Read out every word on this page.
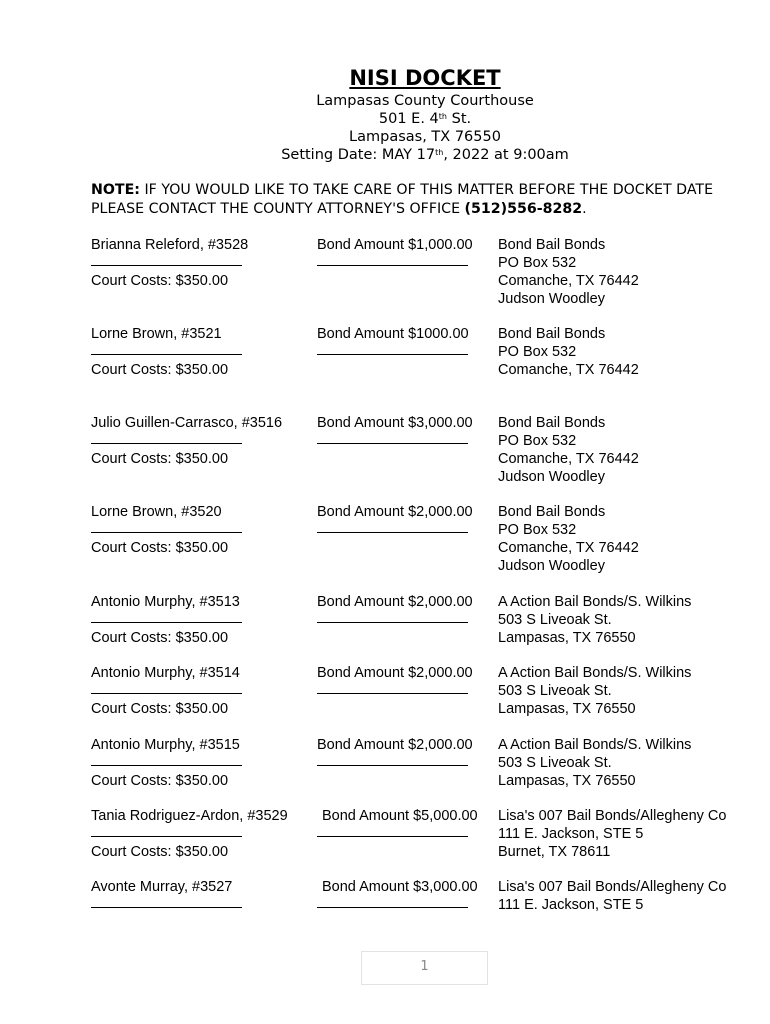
NISI DOCKET
Lampasas County Courthouse
501 E. 4th St.
Lampasas, TX 76550
Setting Date: MAY 17th, 2022 at 9:00am
NOTE: IF YOU WOULD LIKE TO TAKE CARE OF THIS MATTER BEFORE THE DOCKET DATE
PLEASE CONTACT THE COUNTY ATTORNEY'S OFFICE (512)556-8282.
Brianna Releford, #3528
Court Costs: $350.00
Bond Amount $1,000.00 Bond Bail Bonds
PO Box 532
Comanche, TX 76442
Judson Woodley
Lorne Brown, #3521
Court Costs: $350.00
Bond Amount $1000.00 Bond Bail Bonds
PO Box 532
Comanche, TX 76442
Julio Guillen-Carrasco, #3516
Court Costs: $350.00
Bond Amount $3,000.00 Bond Bail Bonds
PO Box 532
Comanche, TX 76442
Judson Woodley
Lorne Brown, #3520
Court Costs: $350.00
Bond Amount $2,000.00 Bond Bail Bonds
PO Box 532
Comanche, TX 76442
Judson Woodley
Antonio Murphy, #3513
Court Costs: $350.00
Bond Amount $2,000.00 A Action Bail Bonds/S. Wilkins
503 S Liveoak St.
Lampasas, TX 76550
Antonio Murphy, #3514
Court Costs: $350.00
Bond Amount $2,000.00 A Action Bail Bonds/S. Wilkins
503 S Liveoak St.
Lampasas, TX 76550
Antonio Murphy, #3515
Court Costs: $350.00
Bond Amount $2,000.00 A Action Bail Bonds/S. Wilkins
503 S Liveoak St.
Lampasas, TX 76550
Tania Rodriguez-Ardon, #3529
Court Costs: $350.00
Bond Amount $5,000.00 Lisa's 007 Bail Bonds/Allegheny Co
111 E. Jackson, STE 5
Burnet, TX 78611
Avonte Murray, #3527	Bond Amount $3,000.00 Lisa's 007 Bail Bonds/Allegheny Co
111 E. Jackson, STE 5
1
